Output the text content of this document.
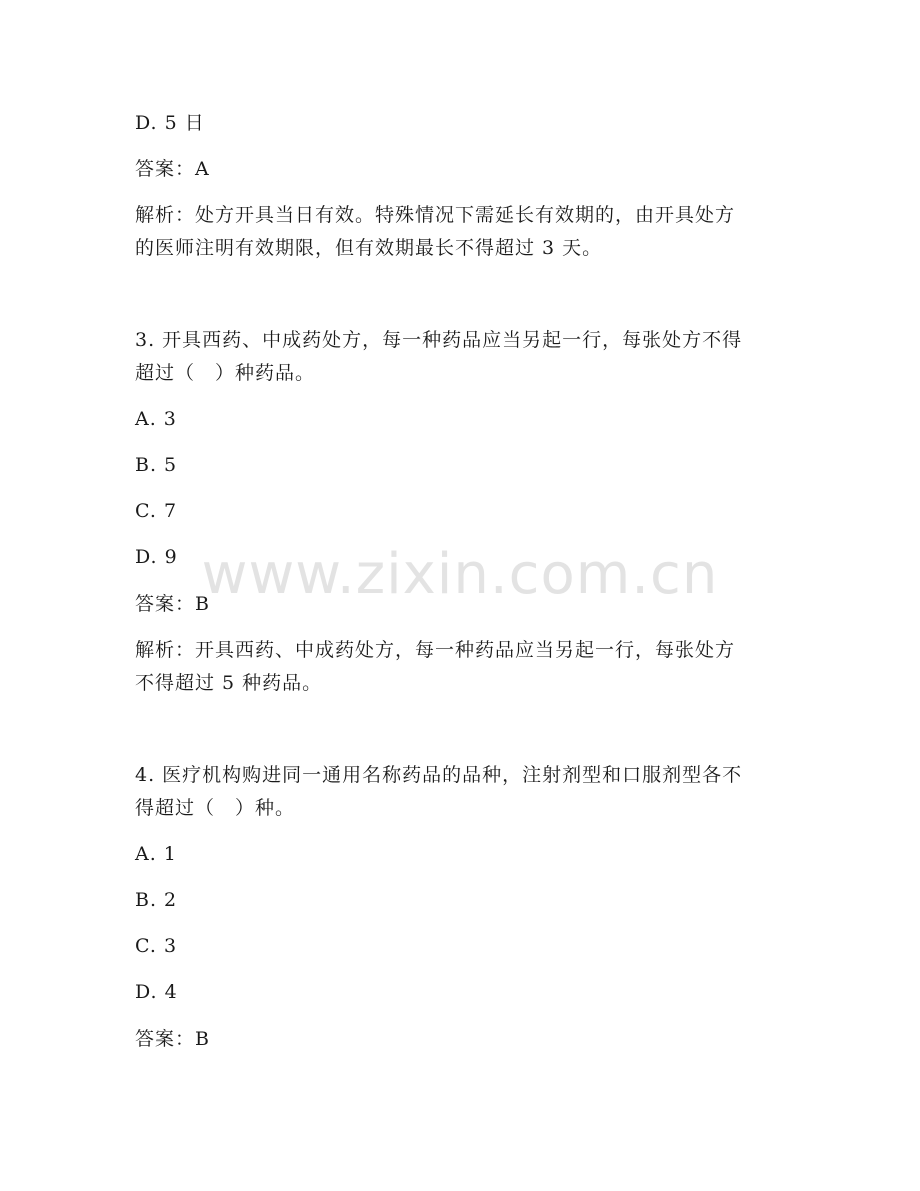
www.zixin.com.cn
D. 5 日
答案：A
解析：处方开具当日有效。特殊情况下需延长有效期的，由开具处方
的医师注明有效期限，但有效期最长不得超过 3 天。
3. 开具西药、中成药处方，每一种药品应当另起一行，每张处方不得
超过（　）种药品。
A. 3
B. 5
C. 7
D. 9
答案：B
解析：开具西药、中成药处方，每一种药品应当另起一行，每张处方
不得超过 5 种药品。
4. 医疗机构购进同一通用名称药品的品种，注射剂型和口服剂型各不
得超过（　）种。
A. 1
B. 2
C. 3
D. 4
答案：B
